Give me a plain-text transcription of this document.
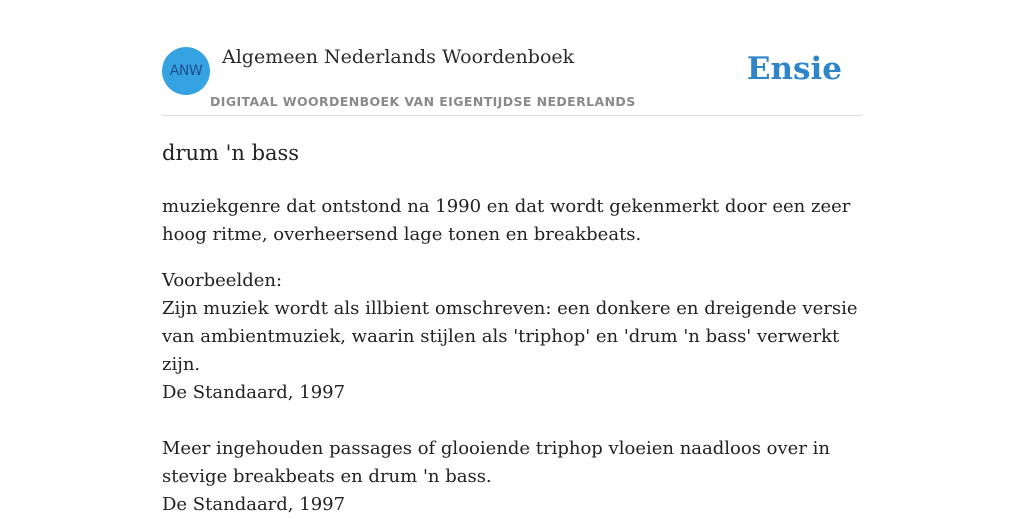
ANW
Algemeen Nederlands Woordenboek
DIGITAAL WOORDENBOEK VAN EIGENTIJDSE NEDERLANDS
Ensie
drum 'n bass
muziekgenre dat ontstond na 1990 en dat wordt gekenmerkt door een zeer hoog ritme, overheersend lage tonen en breakbeats.
Voorbeelden:
Zijn muziek wordt als illbient omschreven: een donkere en dreigende versie van ambientmuziek, waarin stijlen als 'triphop' en 'drum 'n bass' verwerkt zijn.
De Standaard, 1997
Meer ingehouden passages of glooiende triphop vloeien naadloos over in stevige breakbeats en drum 'n bass.
De Standaard, 1997
